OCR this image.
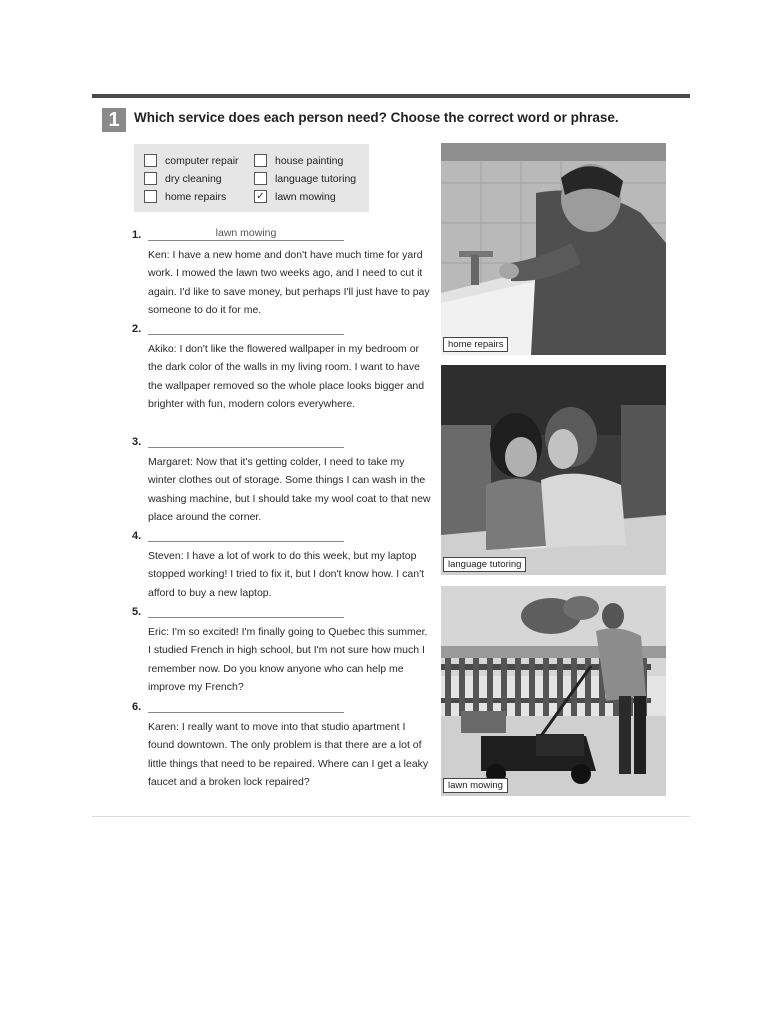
1	Which service does each person need? Choose the correct word or phrase.
computer repair	house painting
dry cleaning	language tutoring
home repairs	✓ lawn mowing
1.	lawn mowing
Ken: I have a new home and don't have much time for yard work. I mowed the lawn two weeks ago, and I need to cut it again. I'd like to save money, but perhaps I'll just have to pay someone to do it for me.
2.
Akiko: I don't like the flowered wallpaper in my bedroom or the dark color of the walls in my living room. I want to have the wallpaper removed so the whole place looks bigger and brighter with fun, modern colors everywhere.
3.
Margaret: Now that it's getting colder, I need to take my winter clothes out of storage. Some things I can wash in the washing machine, but I should take my wool coat to that new place around the corner.
4.
Steven: I have a lot of work to do this week, but my laptop stopped working! I tried to fix it, but I don't know how. I can't afford to buy a new laptop.
5.
Eric: I'm so excited! I'm finally going to Quebec this summer. I studied French in high school, but I'm not sure how much I remember now. Do you know anyone who can help me improve my French?
6.
Karen: I really want to move into that studio apartment I found downtown. The only problem is that there are a lot of little things that need to be repaired. Where can I get a leaky faucet and a broken lock repaired?
home repairs
language tutoring
lawn mowing
